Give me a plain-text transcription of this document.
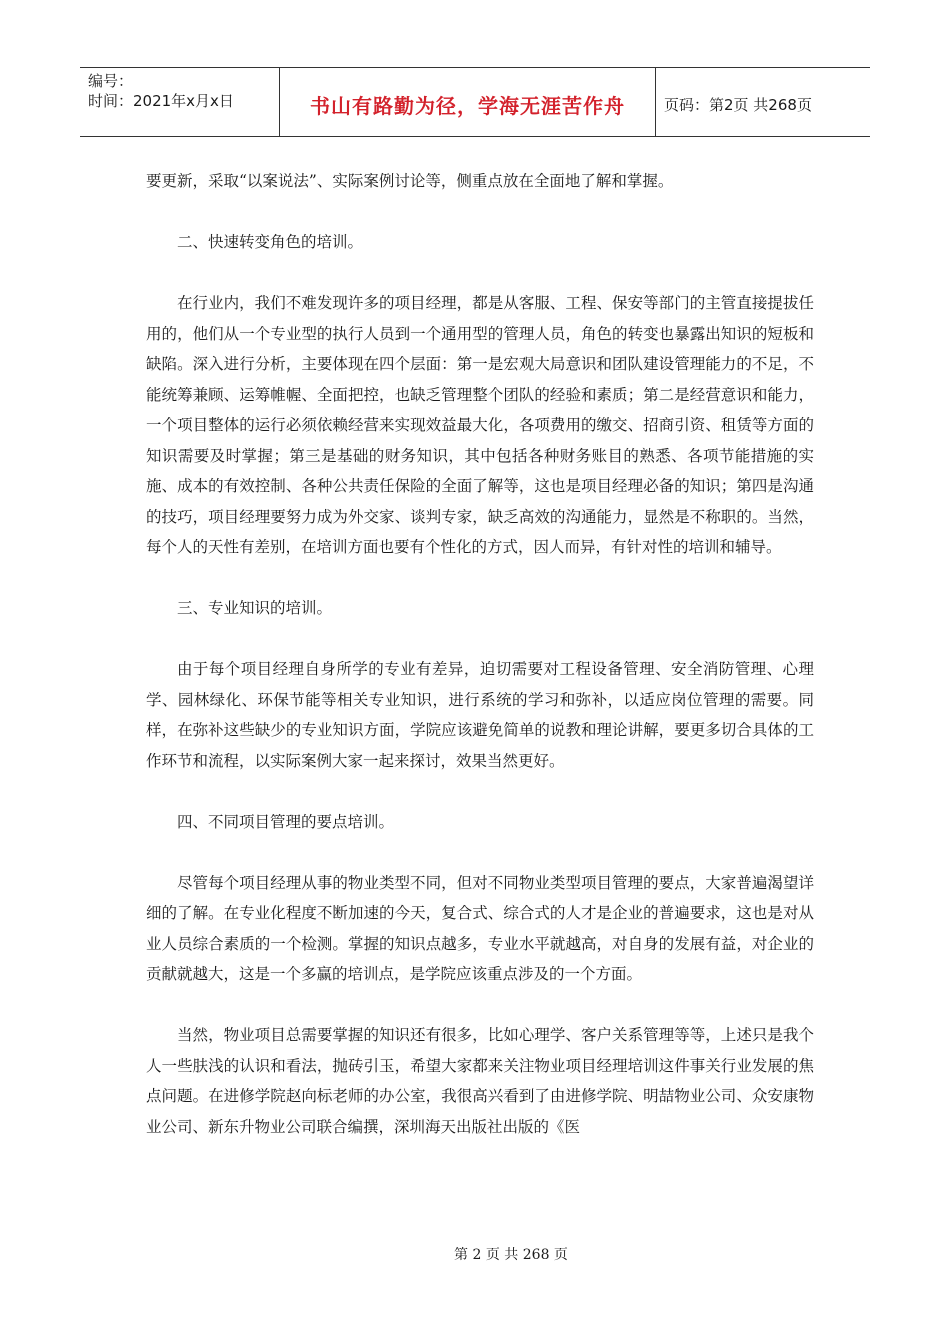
编号：
时间：2021年x月x日	书山有路勤为径，学海无涯苦作舟	页码：第2页 共268页

要更新，采取“以案说法”、实际案例讨论等，侧重点放在全面地了解和掌握。

二、快速转变角色的培训。

在行业内，我们不难发现许多的项目经理，都是从客服、工程、保安等部门的主管直接提拔任用的，他们从一个专业型的执行人员到一个通用型的管理人员，角色的转变也暴露出知识的短板和缺陷。深入进行分析，主要体现在四个层面：第一是宏观大局意识和团队建设管理能力的不足，不能统筹兼顾、运筹帷幄、全面把控，也缺乏管理整个团队的经验和素质；第二是经营意识和能力，一个项目整体的运行必须依赖经营来实现效益最大化，各项费用的缴交、招商引资、租赁等方面的知识需要及时掌握；第三是基础的财务知识，其中包括各种财务账目的熟悉、各项节能措施的实施、成本的有效控制、各种公共责任保险的全面了解等，这也是项目经理必备的知识；第四是沟通的技巧，项目经理要努力成为外交家、谈判专家，缺乏高效的沟通能力，显然是不称职的。当然，每个人的天性有差别，在培训方面也要有个性化的方式，因人而异，有针对性的培训和辅导。

三、专业知识的培训。

由于每个项目经理自身所学的专业有差异，迫切需要对工程设备管理、安全消防管理、心理学、园林绿化、环保节能等相关专业知识，进行系统的学习和弥补，以适应岗位管理的需要。同样，在弥补这些缺少的专业知识方面，学院应该避免简单的说教和理论讲解，要更多切合具体的工作环节和流程，以实际案例大家一起来探讨，效果当然更好。

四、不同项目管理的要点培训。

尽管每个项目经理从事的物业类型不同，但对不同物业类型项目管理的要点，大家普遍渴望详细的了解。在专业化程度不断加速的今天，复合式、综合式的人才是企业的普遍要求，这也是对从业人员综合素质的一个检测。掌握的知识点越多，专业水平就越高，对自身的发展有益，对企业的贡献就越大，这是一个多赢的培训点，是学院应该重点涉及的一个方面。

当然，物业项目总需要掌握的知识还有很多，比如心理学、客户关系管理等等，上述只是我个人一些肤浅的认识和看法，抛砖引玉，希望大家都来关注物业项目经理培训这件事关行业发展的焦点问题。在进修学院赵向标老师的办公室，我很高兴看到了由进修学院、明喆物业公司、众安康物业公司、新东升物业公司联合编撰，深圳海天出版社出版的《医

第 2 页 共 268 页
